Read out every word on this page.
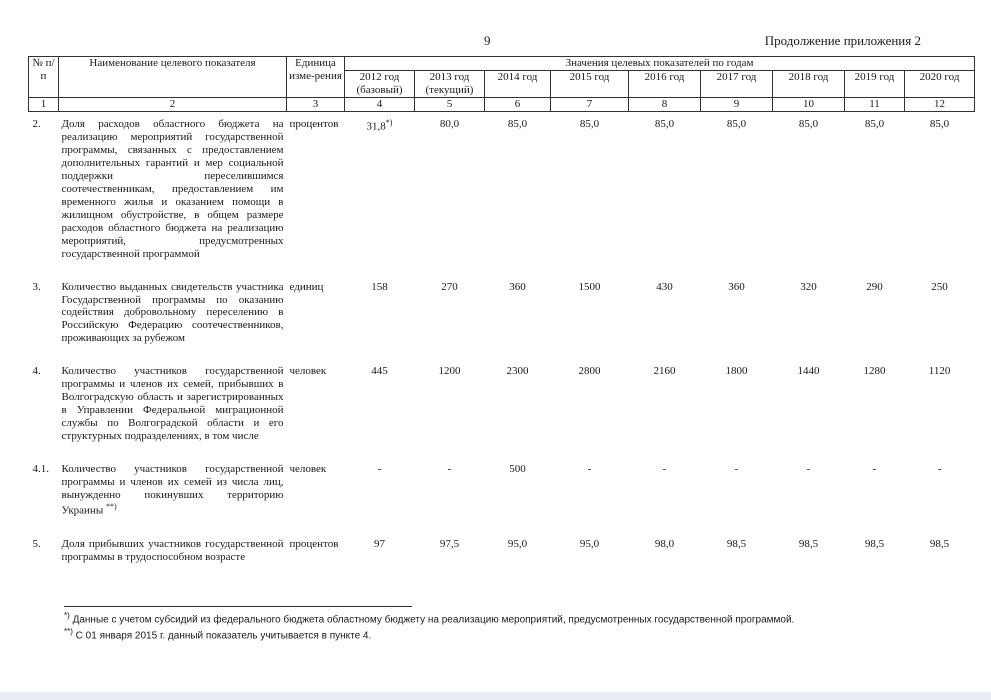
9	Продолжение приложения 2
№ п/п	Наименование целевого показателя	Единица изме-рения	Значения целевых показателей по годам								
			2012 год (базовый)	2013 год (текущий)	2014 год	2015 год	2016 год	2017 год	2018 год	2019 год	2020 год
1	2	3	4	5	6	7	8	9	10	11	12
2.	Доля расходов областного бюджета на реализацию мероприятий государственной программы, связанных с предоставлением дополнительных гарантий и мер социальной поддержки переселившимся соотечественникам, предоставлением им временного жилья и оказанием помощи в жилищном обустройстве, в общем размере расходов областного бюджета на реализацию мероприятий, предусмотренных государственной программой	процентов	31,8*)	80,0	85,0	85,0	85,0	85,0	85,0	85,0	85,0
3.	Количество выданных свидетельств участника Государственной программы по оказанию содействия добровольному переселению в Российскую Федерацию соотечественников, проживающих за рубежом	единиц	158	270	360	1500	430	360	320	290	250
4.	Количество участников государственной программы и членов их семей, прибывших в Волгоградскую область и зарегистрированных в Управлении Федеральной миграционной службы по Волгоградской области и его структурных подразделениях, в том числе	человек	445	1200	2300	2800	2160	1800	1440	1280	1120
4.1.	Количество участников государственной программы и членов их семей из числа лиц, вынужденно покинувших территорию Украины **)	человек	-	-	500	-	-	-	-	-	-
5.	Доля прибывших участников государственной программы в трудоспособном возрасте	процентов	97	97,5	95,0	95,0	98,0	98,5	98,5	98,5	98,5
*) Данные с учетом субсидий из федерального бюджета областному бюджету на реализацию мероприятий, предусмотренных государственной программой.
**) С 01 января 2015 г. данный показатель учитывается в пункте 4.
